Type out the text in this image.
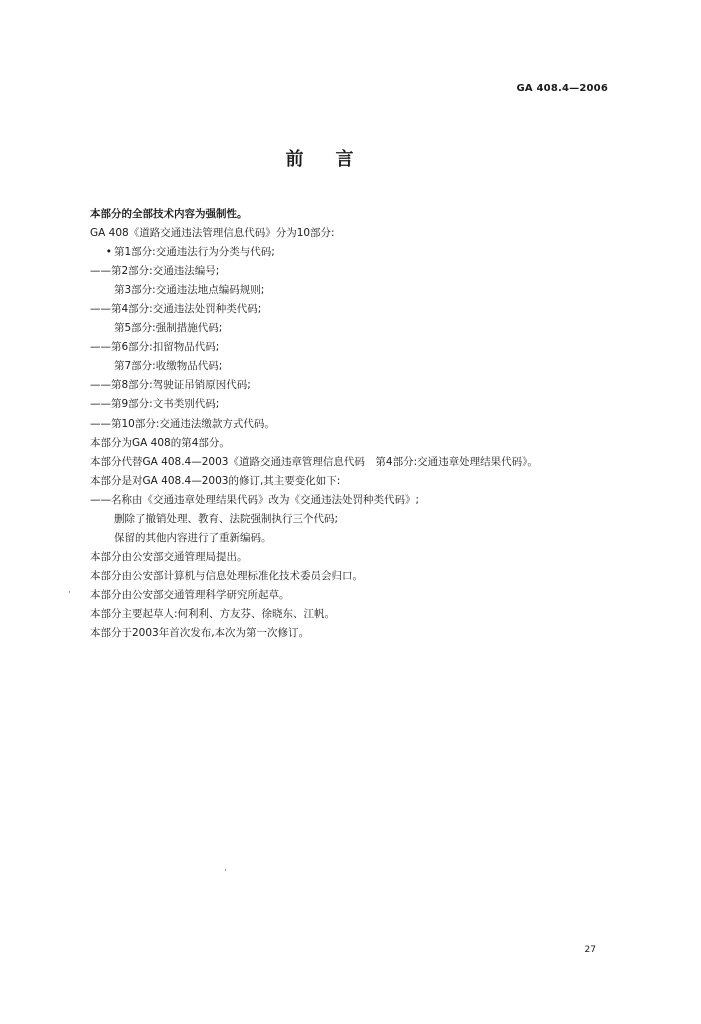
GA 408.4—2006
前言
本部分的全部技术内容为强制性。
GA 408《道路交通违法管理信息代码》分为10部分:
• 第1部分:交通违法行为分类与代码;
——第2部分:交通违法编号;
第3部分:交通违法地点编码规则;
——第4部分:交通违法处罚种类代码;
第5部分:强制措施代码;
——第6部分:扣留物品代码;
第7部分:收缴物品代码;
——第8部分:驾驶证吊销原因代码;
——第9部分:文书类别代码;
——第10部分:交通违法缴款方式代码。
本部分为GA 408的第4部分。
本部分代替GA 408.4—2003《道路交通违章管理信息代码　第4部分:交通违章处理结果代码》。
本部分是对GA 408.4—2003的修订,其主要变化如下:
——名称由《交通违章处理结果代码》改为《交通违法处罚种类代码》;
删除了撤销处理、教育、法院强制执行三个代码;
保留的其他内容进行了重新编码。
本部分由公安部交通管理局提出。
本部分由公安部计算机与信息处理标准化技术委员会归口。
本部分由公安部交通管理科学研究所起草。
本部分主要起草人:何利利、方友芬、徐晓东、江帆。
本部分于2003年首次发布,本次为第一次修订。
·
·
27
